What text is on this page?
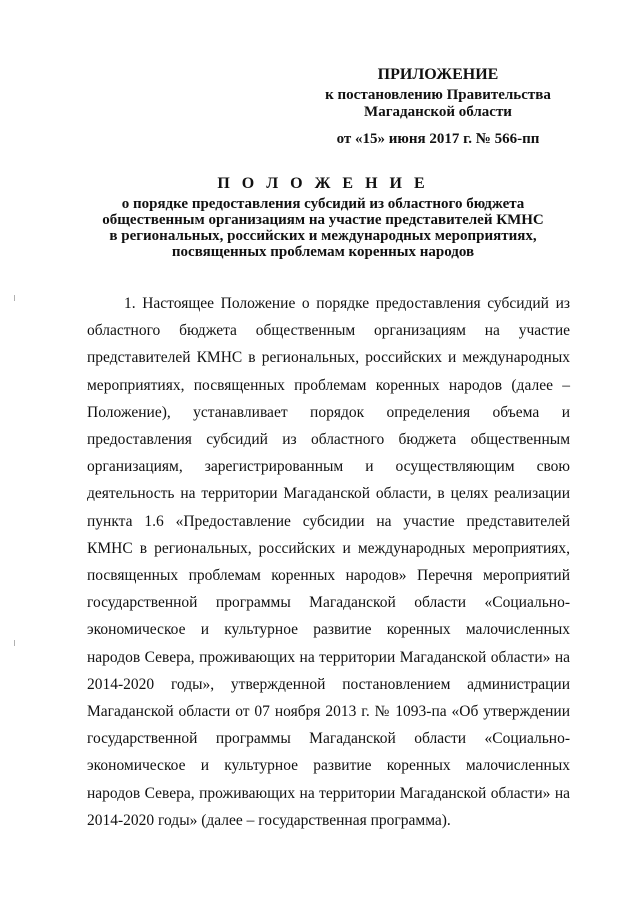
ПРИЛОЖЕНИЕ
к постановлению Правительства
Магаданской области
от «15» июня 2017 г. № 566-пп
П О Л О Ж Е Н И Е
о порядке предоставления субсидий из областного бюджета
общественным организациям на участие представителей КМНС
в региональных, российских и международных мероприятиях,
посвященных проблемам коренных народов

1. Настоящее Положение о порядке предоставления субсидий из областного бюджета общественным организациям на участие представителей КМНС в региональных, российских и международных мероприятиях, посвященных проблемам коренных народов (далее – Положение), устанавливает порядок определения объема и предоставления субсидий из областного бюджета общественным организациям, зарегистрированным и осуществляющим свою деятельность на территории Магаданской области, в целях реализации пункта 1.6 «Предоставление субсидии на участие представителей КМНС в региональных, российских и международных мероприятиях, посвященных проблемам коренных народов» Перечня мероприятий государственной программы Магаданской области «Социально-экономическое и культурное развитие коренных малочисленных народов Севера, проживающих на территории Магаданской области» на 2014-2020 годы», утвержденной постановлением администрации Магаданской области от 07 ноября 2013 г. № 1093-па «Об утверждении государственной программы Магаданской области «Социально-экономическое и культурное развитие коренных малочисленных народов Севера, проживающих на территории Магаданской области» на 2014-2020 годы» (далее – государственная программа).
